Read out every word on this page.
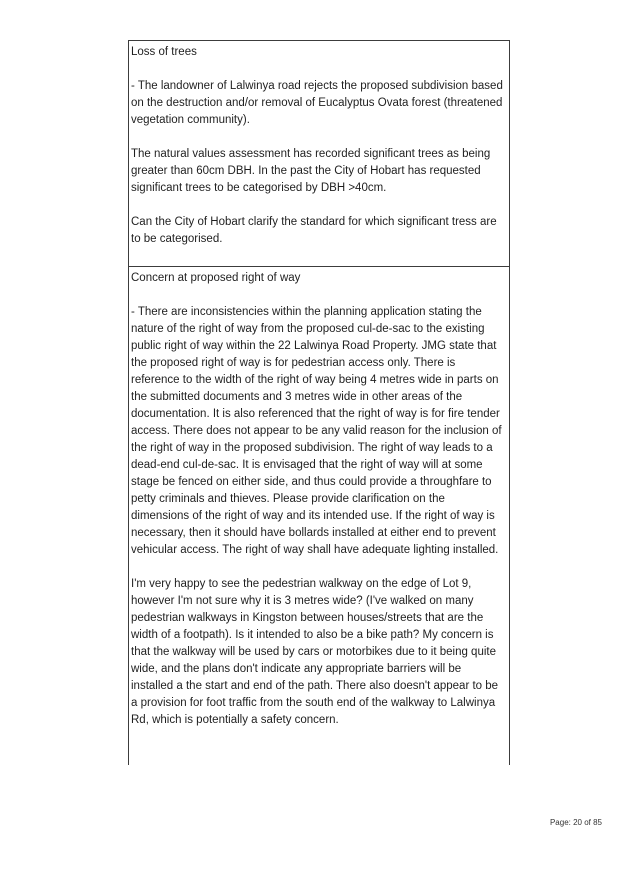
Loss of trees
- The landowner of Lalwinya road rejects the proposed subdivision based on the destruction and/or removal of Eucalyptus Ovata forest (threatened vegetation community).
The natural values assessment has recorded significant trees as being greater than 60cm DBH. In the past the City of Hobart has requested significant trees to be categorised by DBH >40cm.
Can the City of Hobart clarify the standard for which significant tress are to be categorised.
Concern at proposed right of way
- There are inconsistencies within the planning application stating the nature of the right of way from the proposed cul-de-sac to the existing public right of way within the 22 Lalwinya Road Property. JMG state that the proposed right of way is for pedestrian access only. There is reference to the width of the right of way being 4 metres wide in parts on the submitted documents and 3 metres wide in other areas of the documentation. It is also referenced that the right of way is for fire tender access. There does not appear to be any valid reason for the inclusion of the right of way in the proposed subdivision. The right of way leads to a dead-end cul-de-sac. It is envisaged that the right of way will at some stage be fenced on either side, and thus could provide a throughfare to petty criminals and thieves. Please provide clarification on the dimensions of the right of way and its intended use. If the right of way is necessary, then it should have bollards installed at either end to prevent vehicular access. The right of way shall have adequate lighting installed.
I'm very happy to see the pedestrian walkway on the edge of Lot 9, however I'm not sure why it is 3 metres wide? (I've walked on many pedestrian walkways in Kingston between houses/streets that are the width of a footpath). Is it intended to also be a bike path? My concern is that the walkway will be used by cars or motorbikes due to it being quite wide, and the plans don't indicate any appropriate barriers will be installed a the start and end of the path. There also doesn't appear to be a provision for foot traffic from the south end of the walkway to Lalwinya Rd, which is potentially a safety concern.
Page: 20 of 85
